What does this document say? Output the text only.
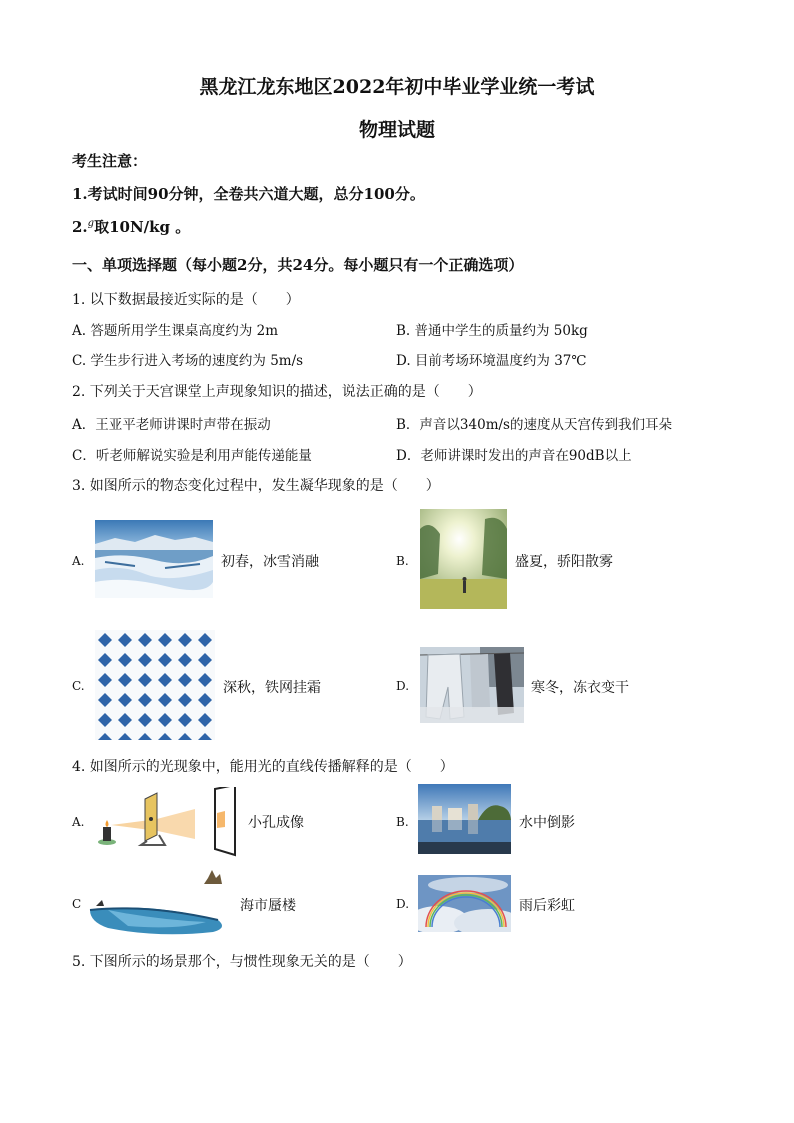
黑龙江龙东地区2022年初中毕业学业统一考试
物理试题
考生注意：
1.考试时间90分钟，全卷共六道大题，总分100分。
2.$^g$取10N/kg 。
一、单项选择题（每小题2分，共24分。每小题只有一个正确选项）
1. 以下数据最接近实际的是（　　）
A. 答题所用学生课桌高度约为 2m	B. 普通中学生的质量约为 50kg
C. 学生步行进入考场的速度约为 5m/s	D. 目前考场环境温度约为 37℃
2. 下列关于天宫课堂上声现象知识的描述，说法正确的是（　　）
A．王亚平老师讲课时声带在振动	B．声音以340m/s的速度从天宫传到我们耳朵
C．听老师解说实验是利用声能传递能量	D．老师讲课时发出的声音在90dB以上
3. 如图所示的物态变化过程中，发生凝华现象的是（　　）
A.	初春，冰雪消融	B.	盛夏，骄阳散雾
C.	深秋，铁网挂霜	D.	寒冬，冻衣变干
4. 如图所示的光现象中，能用光的直线传播解释的是（　　）
A.	小孔成像	B.	水中倒影
C	海市蜃楼	D.	雨后彩虹
5. 下图所示的场景那个，与惯性现象无关的是（　　）
